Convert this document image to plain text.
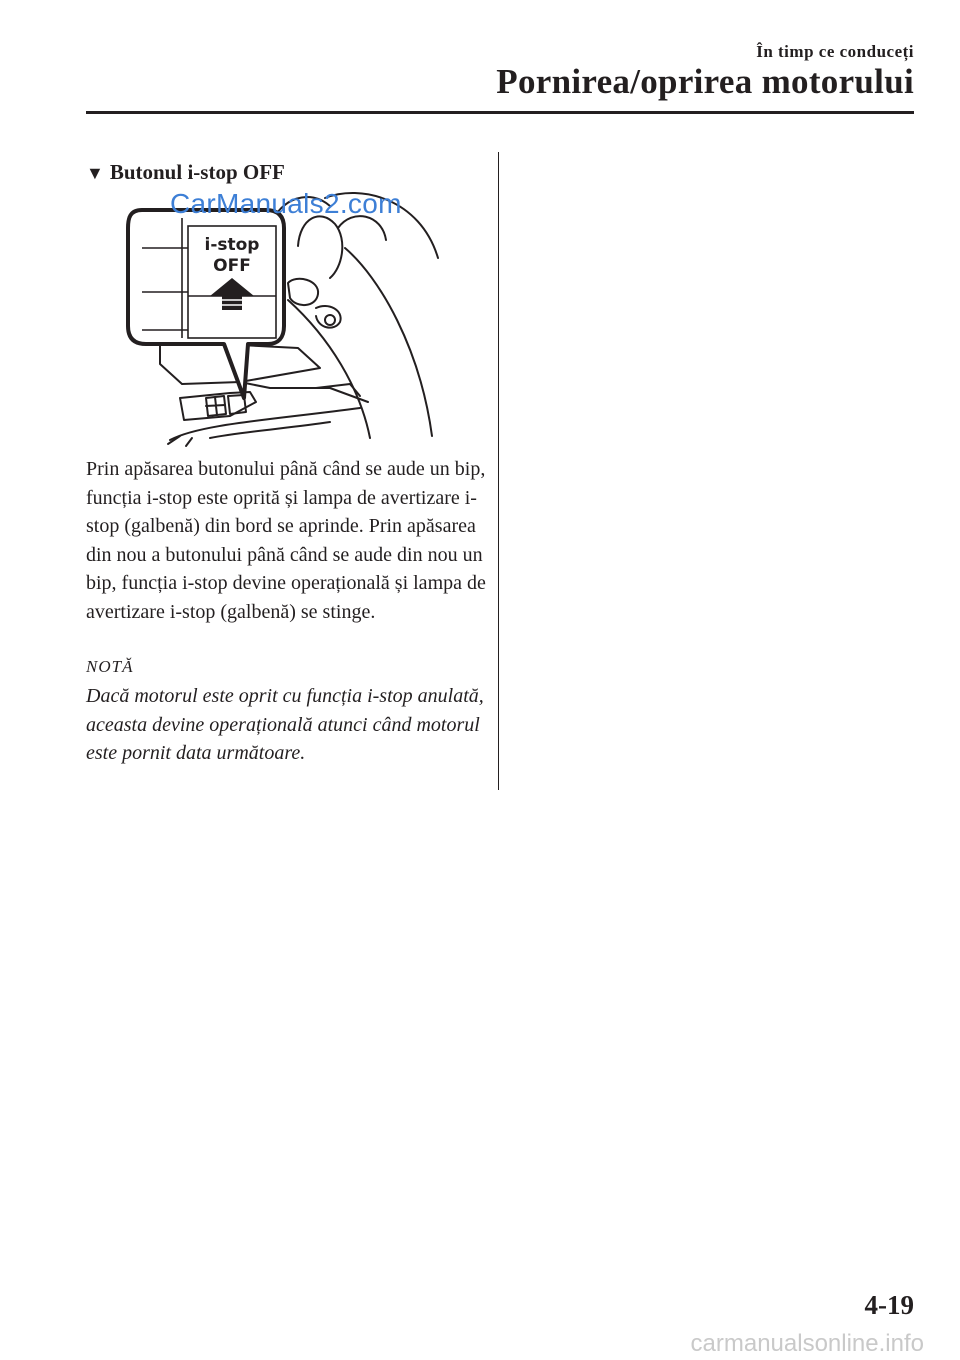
În timp ce conduceți
Pornirea/oprirea motorului
▼ Butonul i-stop OFF
i-stop
OFF
CarManuals2.com
Prin apăsarea butonului până când se aude un bip, funcția i-stop este oprită și lampa de avertizare i-stop (galbenă) din bord se aprinde. Prin apăsarea din nou a butonului până când se aude din nou un bip, funcția i-stop devine operațională și lampa de avertizare i-stop (galbenă) se stinge.
NOTĂ
Dacă motorul este oprit cu funcția i-stop anulată, aceasta devine operațională atunci când motorul este pornit data următoare.
4-19
carmanualsonline.info
